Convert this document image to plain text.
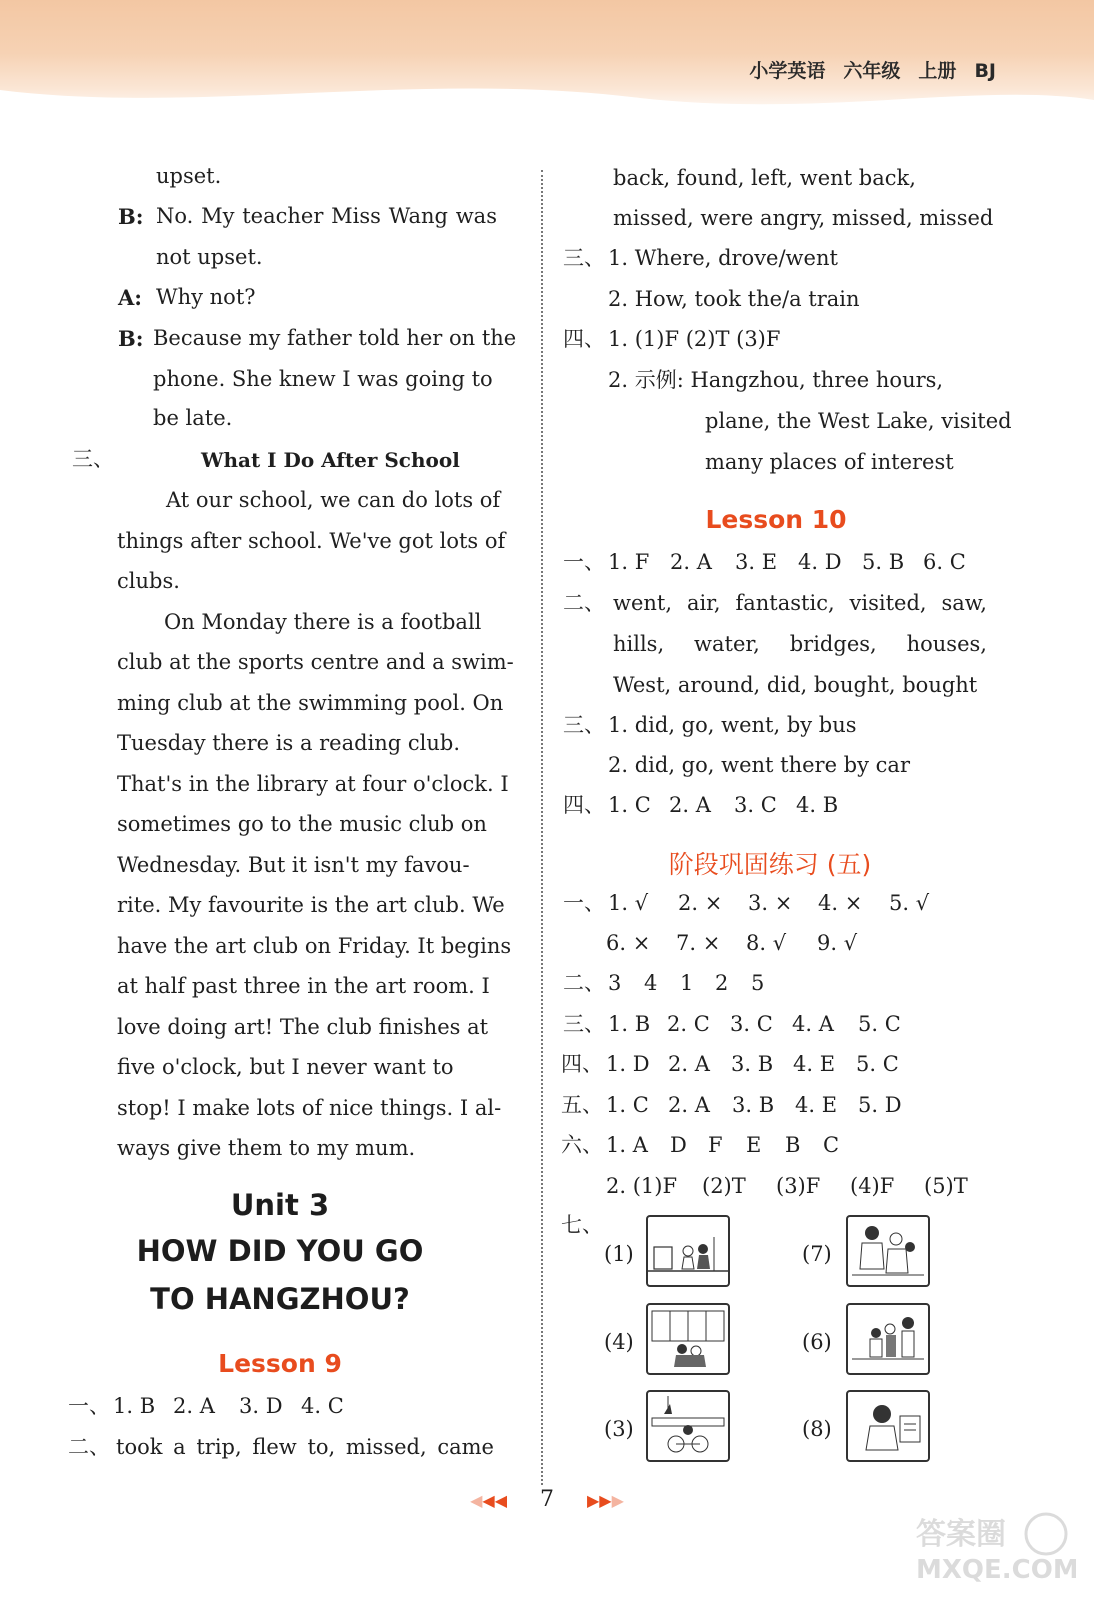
小学英语 六年级 上册 BJ
upset.
B: No. My teacher Miss Wang was
not upset.
A: Why not?
B: Because my father told her on the
phone. She knew I was going to
be late.
三、	What I Do After School
At our school, we can do lots of
things after school. We've got lots of
clubs.
On Monday there is a football
club at the sports centre and a swim-
ming club at the swimming pool. On
Tuesday there is a reading club.
That's in the library at four o'clock. I
sometimes go to the music club on
Wednesday. But it isn't my favou-
rite. My favourite is the art club. We
have the art club on Friday. It begins
at half past three in the art room. I
love doing art! The club finishes at
five o'clock, but I never want to
stop! I make lots of nice things. I al-
ways give them to my mum.
Unit 3
HOW DID YOU GO
TO HANGZHOU?
Lesson 9
一、 1. B 2. A	3. D 4. C
二、 took a trip, flew to, missed, came
back, found, left, went back,
missed, were angry, missed, missed
三、 1. Where, drove/went
2. How, took the/a train
四、 1. (1)F (2)T (3)F
2. 示例: Hangzhou, three hours,
plane, the West Lake, visited
many places of interest
Lesson 10
一、 1. F 2. A	3. E 4. D 5. B 6. C
二、 went, air, fantastic, visited, saw,
hills, water, bridges, houses,
West, around, did, bought, bought
三、 1. did, go, went, by bus
2. did, go, went there by car
四、 1. C 2. A	3. C 4. B
阶段巩固练习 (五)
一、 1. √	2. ×	3. ×	4. ×	5. √
6. ×	7. ×	8. √	9. √
二、 3	4	1	2	5
三、 1. B 2. C 3. C 4. A	5. C
四、 1. D 2. A	3. B 4. E 5. C
五、 1. C 2. A	3. B 4. E 5. D
六、 1. A	D	F	E	B	C
2. (1)F	(2)T	(3)F	(4)F	(5)T
七、
(1)	(7)
(4)	(6)
(3)	(8)
◀◀◀ 7 ▶▶▶
答案圈
MXQE.COM
